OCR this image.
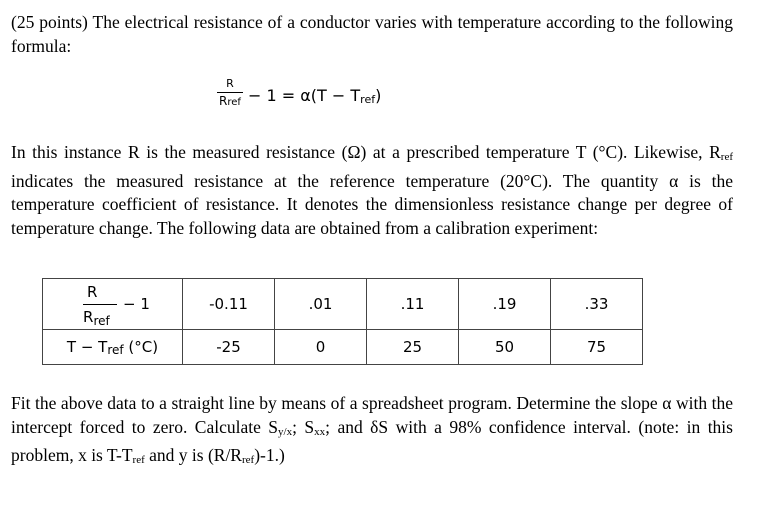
(25 points) The electrical resistance of a conductor varies with temperature according to the following formula:
R
Rref − 1 = α(T − Tref)
In this instance R is the measured resistance (Ω) at a prescribed temperature T (°C). Likewise, Rref indicates the measured resistance at the reference temperature (20°C). The quantity α is the temperature coefficient of resistance. It denotes the dimensionless resistance change per degree of temperature change. The following data are obtained from a calibration experiment:
R
− 1
$R_{ref}$	-0.11	.01	.11	.19	.33
T − Tref (°C)	-25	0	25	50	75
Fit the above data to a straight line by means of a spreadsheet program. Determine the slope α with the intercept forced to zero. Calculate Sy/x; Sxx; and δS with a 98% confidence interval. (note: in this problem, x is T-Tref and y is (R/Rref)-1.)
